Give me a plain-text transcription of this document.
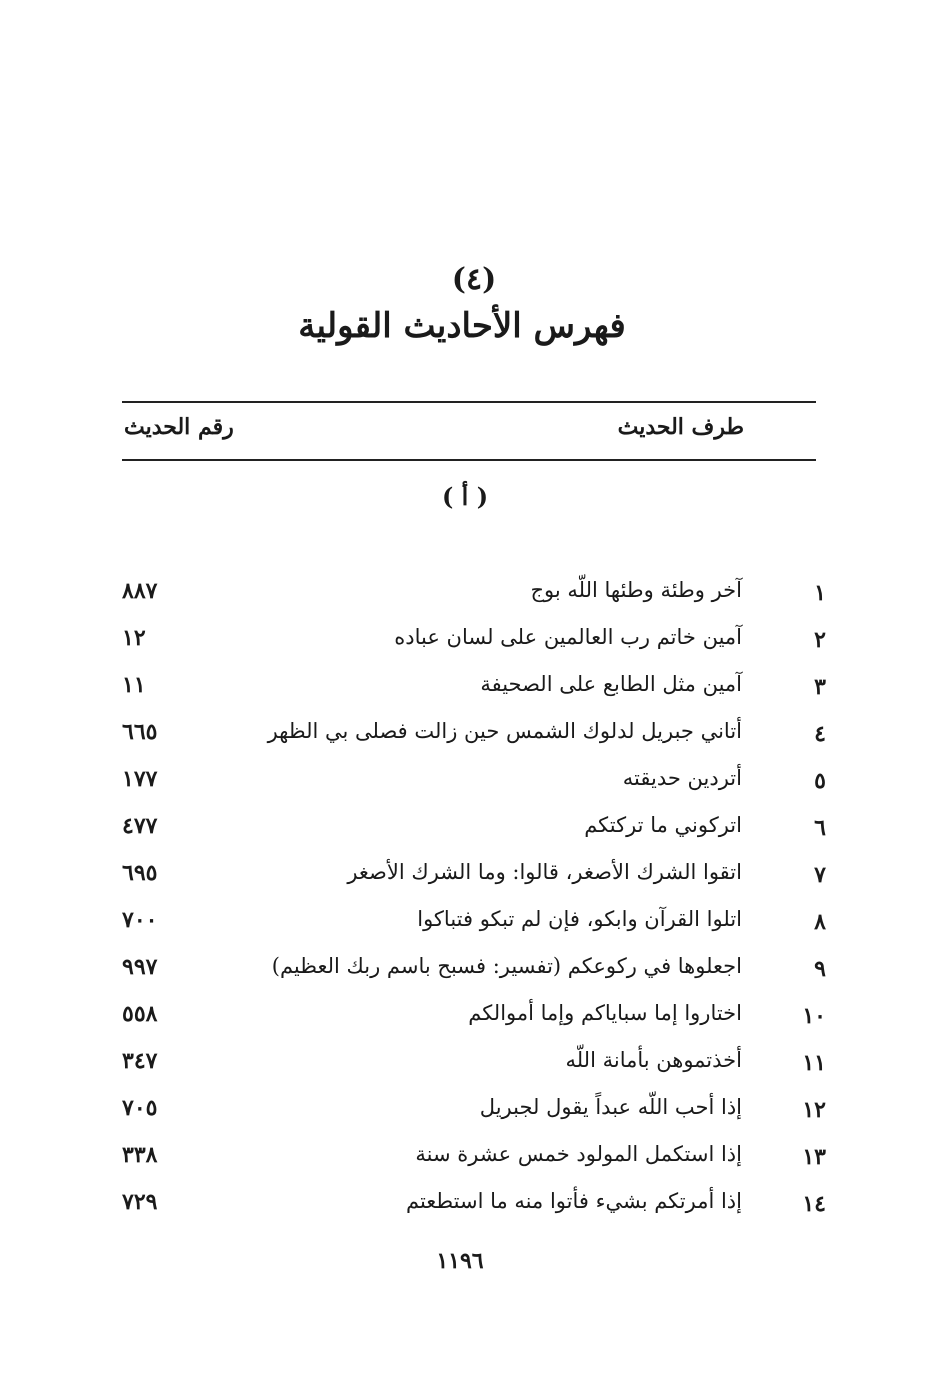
(٤)
فهرس الأحاديث القولية
طرف الحديث
رقم الحديث
( أ )
١
آخر وطئة وطئها اللّه بوج
٨٨٧
٢
آمين خاتم رب العالمين على لسان عباده
١٢
٣
آمين مثل الطابع على الصحيفة
١١
٤
أتاني جبريل لدلوك الشمس حين زالت فصلى بي الظهر
٦٦٥
٥
أتردين حديقته
١٧٧
٦
اتركوني ما تركتكم
٤٧٧
٧
اتقوا الشرك الأصغر، قالوا: وما الشرك الأصغر
٦٩٥
٨
اتلوا القرآن وابكو، فإن لم تبكو فتباكوا
٧٠٠
٩
اجعلوها في ركوعكم (تفسير: فسبح باسم ربك العظيم)
٩٩٧
١٠
اختاروا إما سباياكم وإما أموالكم
٥٥٨
١١
أخذتموهن بأمانة اللّه
٣٤٧
١٢
إذا أحب اللّه عبداً يقول لجبريل
٧٠٥
١٣
إذا استكمل المولود خمس عشرة سنة
٣٣٨
١٤
إذا أمرتكم بشيء فأتوا منه ما استطعتم
٧٢٩
١١٩٦
